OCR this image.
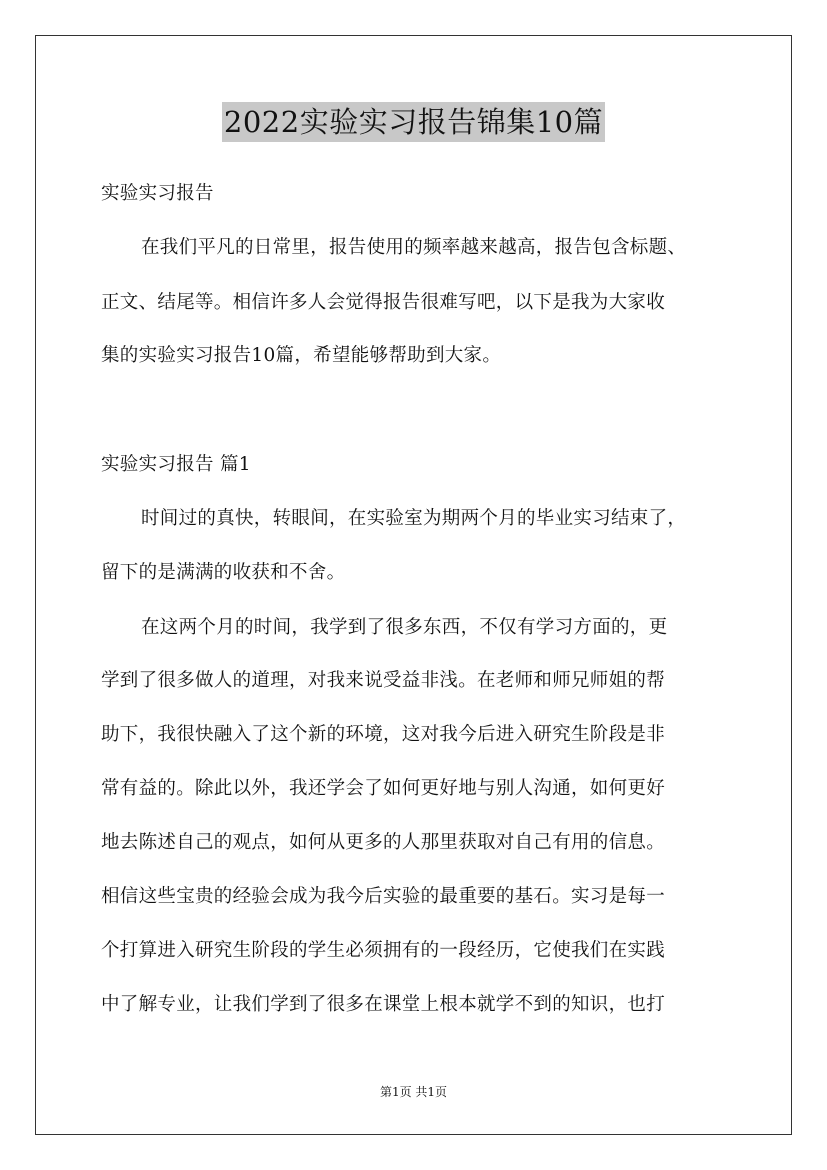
2022实验实习报告锦集10篇
实验实习报告
在我们平凡的日常里，报告使用的频率越来越高，报告包含标题、
正文、结尾等。相信许多人会觉得报告很难写吧，以下是我为大家收
集的实验实习报告10篇，希望能够帮助到大家。
实验实习报告 篇1
时间过的真快，转眼间，在实验室为期两个月的毕业实习结束了，
留下的是满满的收获和不舍。
在这两个月的时间，我学到了很多东西，不仅有学习方面的，更
学到了很多做人的道理，对我来说受益非浅。在老师和师兄师姐的帮
助下，我很快融入了这个新的环境，这对我今后进入研究生阶段是非
常有益的。除此以外，我还学会了如何更好地与别人沟通，如何更好
地去陈述自己的观点，如何从更多的人那里获取对自己有用的信息。
相信这些宝贵的经验会成为我今后实验的最重要的基石。实习是每一
个打算进入研究生阶段的学生必须拥有的一段经历，它使我们在实践
中了解专业，让我们学到了很多在课堂上根本就学不到的知识，也打
第1页 共1页
